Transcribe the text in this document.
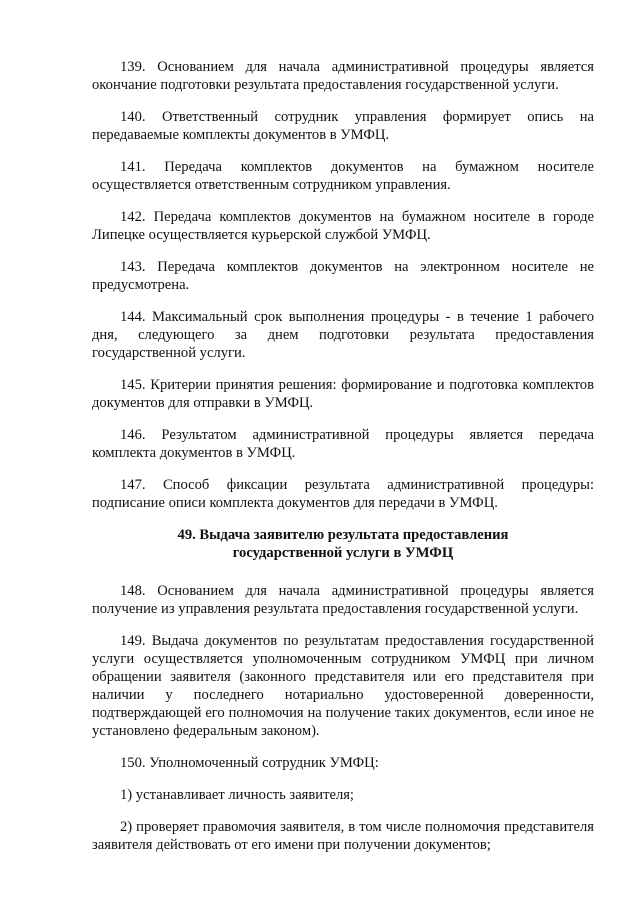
139. Основанием для начала административной процедуры является окончание подготовки результата предоставления государственной услуги.

140. Ответственный сотрудник управления формирует опись на передаваемые комплекты документов в УМФЦ.

141. Передача комплектов документов на бумажном носителе осуществляется ответственным сотрудником управления.

142. Передача комплектов документов на бумажном носителе в городе Липецке осуществляется курьерской службой УМФЦ.

143. Передача комплектов документов на электронном носителе не предусмотрена.

144. Максимальный срок выполнения процедуры - в течение 1 рабочего дня, следующего за днем подготовки результата предоставления государственной услуги.

145. Критерии принятия решения: формирование и подготовка комплектов документов для отправки в УМФЦ.

146. Результатом административной процедуры является передача комплекта документов в УМФЦ.

147. Способ фиксации результата административной процедуры: подписание описи комплекта документов для передачи в УМФЦ.

49. Выдача заявителю результата предоставления
государственной услуги в УМФЦ

148. Основанием для начала административной процедуры является получение из управления результата предоставления государственной услуги.

149. Выдача документов по результатам предоставления государственной услуги осуществляется уполномоченным сотрудником УМФЦ при личном обращении заявителя (законного представителя или его представителя при наличии у последнего нотариально удостоверенной доверенности, подтверждающей его полномочия на получение таких документов, если иное не установлено федеральным законом).

150. Уполномоченный сотрудник УМФЦ:

1) устанавливает личность заявителя;

2) проверяет правомочия заявителя, в том числе полномочия представителя заявителя действовать от его имени при получении документов;
